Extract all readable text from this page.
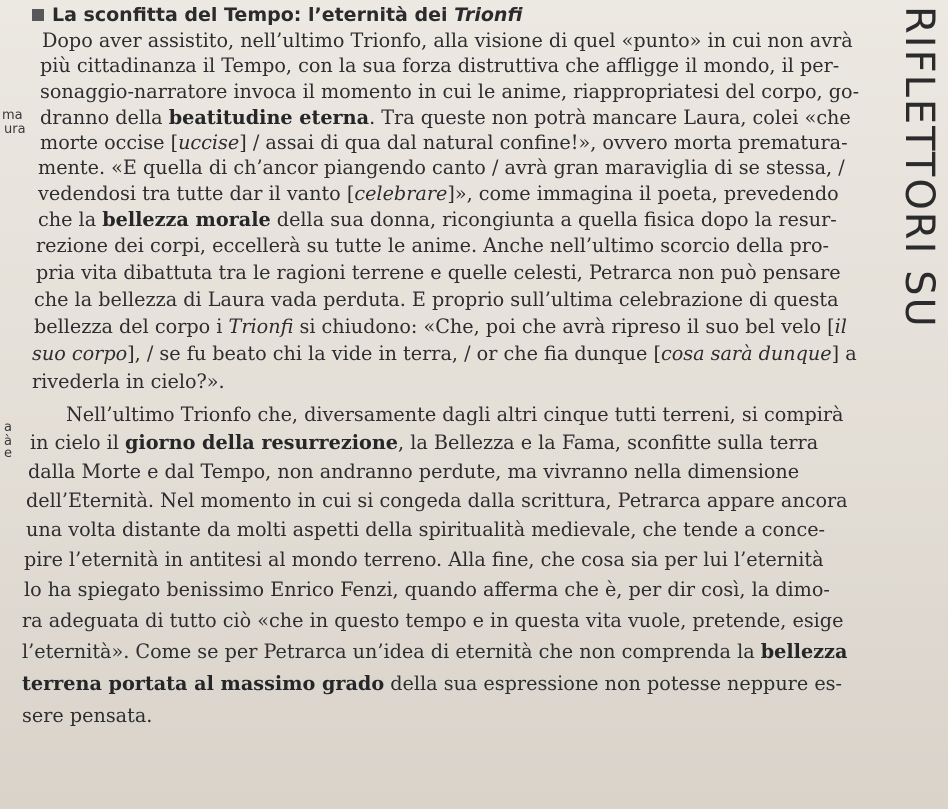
La sconfitta del Tempo: l’eternità dei Trionfi	RIFLETTORI SU
ma
ura
a
à
e
Dopo aver assistito, nell’ultimo Trionfo, alla visione di quel «punto» in cui non avrà
più cittadinanza il Tempo, con la sua forza distruttiva che affligge il mondo, il per-
sonaggio-narratore invoca il momento in cui le anime, riappropriatesi del corpo, go-
dranno della beatitudine eterna. Tra queste non potrà mancare Laura, colei «che
morte occise [uccise] / assai di qua dal natural confine!», ovvero morta prematura-
mente. «E quella di ch’ancor piangendo canto / avrà gran maraviglia di se stessa, /
vedendosi tra tutte dar il vanto [celebrare]», come immagina il poeta, prevedendo
che la bellezza morale della sua donna, ricongiunta a quella fisica dopo la resur-
rezione dei corpi, eccellerà su tutte le anime. Anche nell’ultimo scorcio della pro-
pria vita dibattuta tra le ragioni terrene e quelle celesti, Petrarca non può pensare
che la bellezza di Laura vada perduta. E proprio sull’ultima celebrazione di questa
bellezza del corpo i Trionfi si chiudono: «Che, poi che avrà ripreso il suo bel velo [il
suo corpo], / se fu beato chi la vide in terra, / or che fia dunque [cosa sarà dunque] a
rivederla in cielo?».
Nell’ultimo Trionfo che, diversamente dagli altri cinque tutti terreni, si compirà
in cielo il giorno della resurrezione, la Bellezza e la Fama, sconfitte sulla terra
dalla Morte e dal Tempo, non andranno perdute, ma vivranno nella dimensione
dell’Eternità. Nel momento in cui si congeda dalla scrittura, Petrarca appare ancora
una volta distante da molti aspetti della spiritualità medievale, che tende a conce-
pire l’eternità in antitesi al mondo terreno. Alla fine, che cosa sia per lui l’eternità
lo ha spiegato benissimo Enrico Fenzi, quando afferma che è, per dir così, la dimo-
ra adeguata di tutto ciò «che in questo tempo e in questa vita vuole, pretende, esige
l’eternità». Come se per Petrarca un’idea di eternità che non comprenda la bellezza
terrena portata al massimo grado della sua espressione non potesse neppure es-
sere pensata.
